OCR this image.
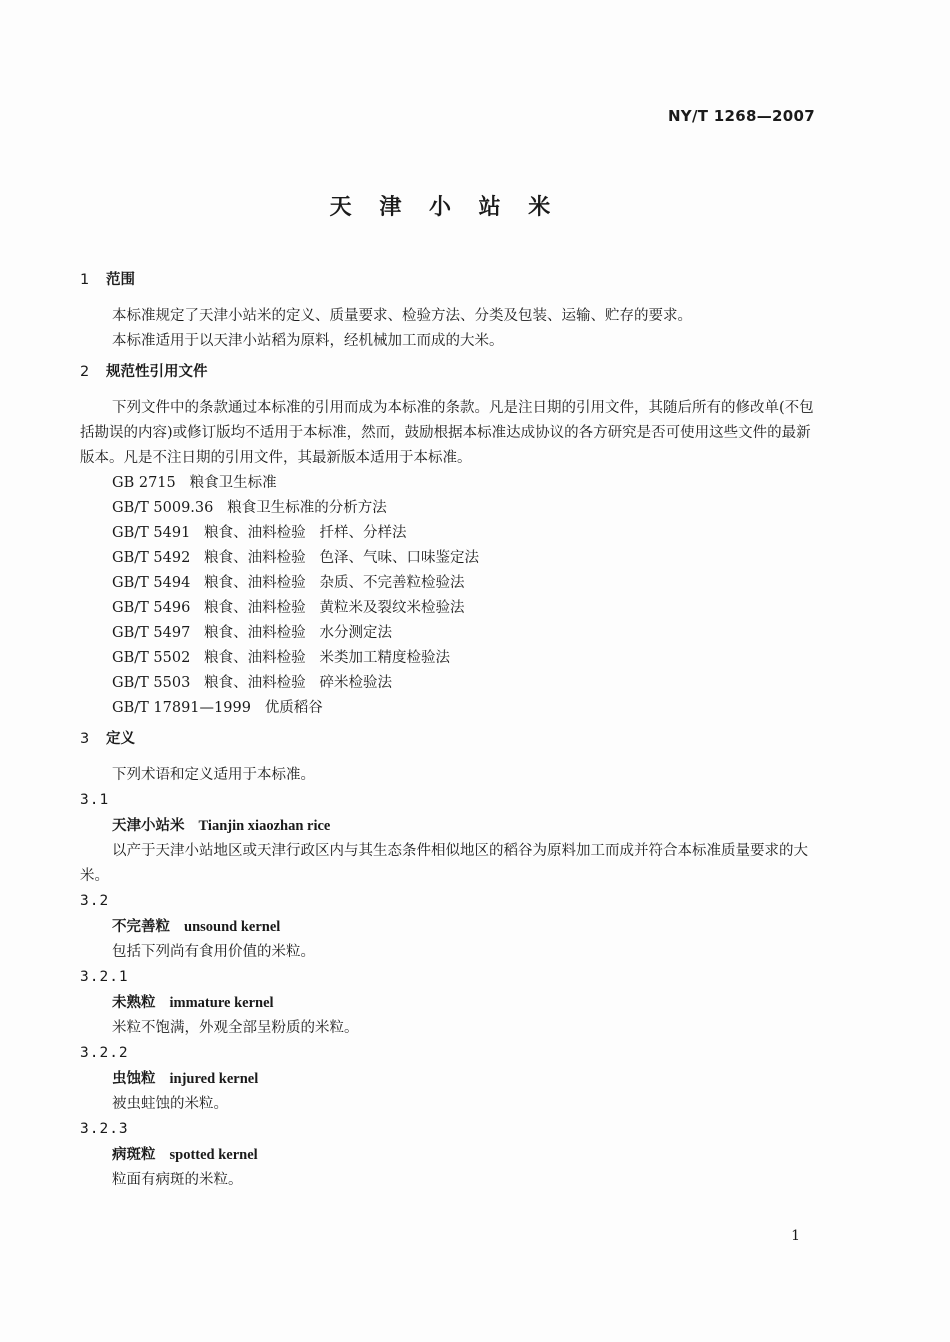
NY/T 1268—2007
天 津 小 站 米
1 范围

本标准规定了天津小站米的定义、质量要求、检验方法、分类及包装、运输、贮存的要求。

本标准适用于以天津小站稻为原料，经机械加工而成的大米。

2 规范性引用文件

下列文件中的条款通过本标准的引用而成为本标准的条款。凡是注日期的引用文件，其随后所有的修改单(不包括勘误的内容)或修订版均不适用于本标准，然而，鼓励根据本标准达成协议的各方研究是否可使用这些文件的最新版本。凡是不注日期的引用文件，其最新版本适用于本标准。

GB 2715   粮食卫生标准

GB/T 5009.36   粮食卫生标准的分析方法

GB/T 5491   粮食、油料检验   扦样、分样法

GB/T 5492   粮食、油料检验   色泽、气味、口味鉴定法

GB/T 5494   粮食、油料检验   杂质、不完善粒检验法

GB/T 5496   粮食、油料检验   黄粒米及裂纹米检验法

GB/T 5497   粮食、油料检验   水分测定法

GB/T 5502   粮食、油料检验   米类加工精度检验法

GB/T 5503   粮食、油料检验   碎米检验法

GB/T 17891—1999   优质稻谷

3 定义

下列术语和定义适用于本标准。

3.1

天津小站米 Tianjin xiaozhan rice

以产于天津小站地区或天津行政区内与其生态条件相似地区的稻谷为原料加工而成并符合本标准质量要求的大米。

3.2

不完善粒 unsound kernel

包括下列尚有食用价值的米粒。

3.2.1

未熟粒 immature kernel

米粒不饱满，外观全部呈粉质的米粒。

3.2.2

虫蚀粒 injured kernel

被虫蛀蚀的米粒。

3.2.3

病斑粒 spotted kernel

粒面有病斑的米粒。

1
